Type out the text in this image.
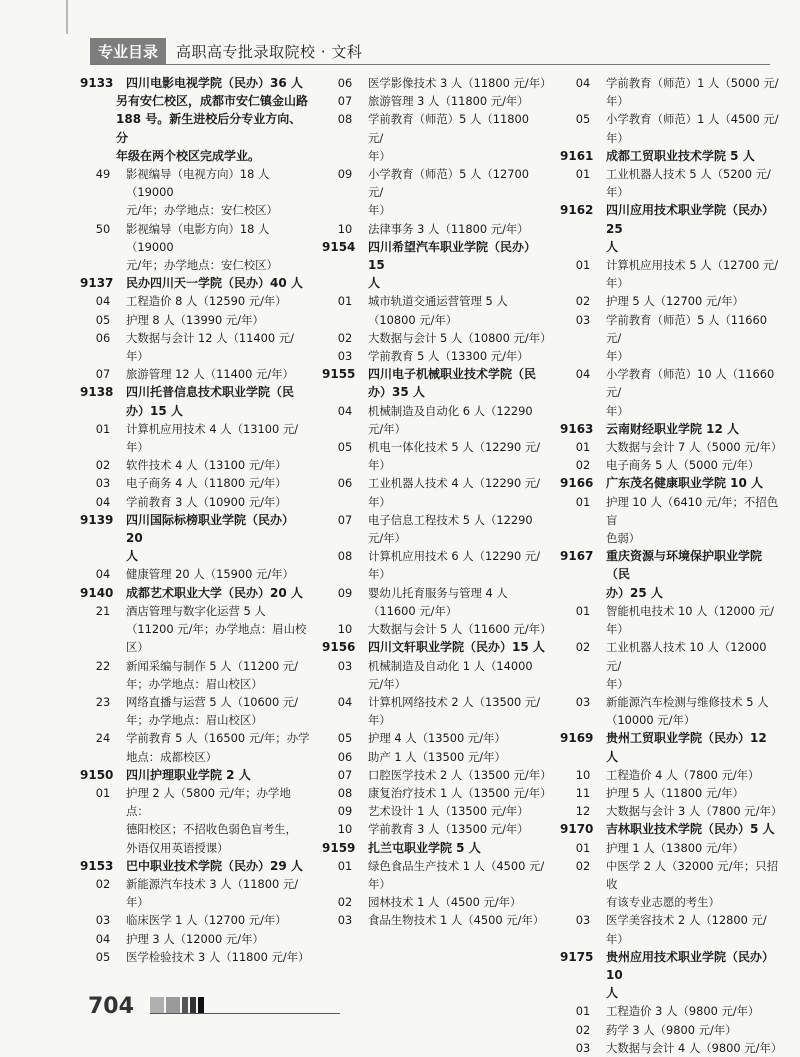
专业目录	高职高专批录取院校 · 文科
9133	四川电影电视学院（民办）36 人
另有安仁校区，成都市安仁镇金山路
188 号。新生进校后分专业方向、分
年级在两个校区完成学业。
49	影视编导（电视方向）18 人（19000
元/年；办学地点：安仁校区）
50	影视编导（电影方向）18 人（19000
元/年；办学地点：安仁校区）
9137	民办四川天一学院（民办）40 人
04	工程造价 8 人（12590 元/年）
05	护理 8 人（13990 元/年）
06	大数据与会计 12 人（11400 元/
年）
07	旅游管理 12 人（11400 元/年）
9138	四川托普信息技术职业学院（民
办）15 人
01	计算机应用技术 4 人（13100 元/
年）
02	软件技术 4 人（13100 元/年）
03	电子商务 4 人（11800 元/年）
04	学前教育 3 人（10900 元/年）
9139	四川国际标榜职业学院（民办）20
人
04	健康管理 20 人（15900 元/年）
9140	成都艺术职业大学（民办）20 人
21	酒店管理与数字化运营 5 人
（11200 元/年；办学地点：眉山校
区）
22	新闻采编与制作 5 人（11200 元/
年；办学地点：眉山校区）
23	网络直播与运营 5 人（10600 元/
年；办学地点：眉山校区）
24	学前教育 5 人（16500 元/年；办学
地点：成都校区）
9150	四川护理职业学院 2 人
01	护理 2 人（5800 元/年；办学地点：
德阳校区；不招收色弱色盲考生，
外语仅用英语授课）
9153	巴中职业技术学院（民办）29 人
02	新能源汽车技术 3 人（11800 元/
年）
03	临床医学 1 人（12700 元/年）
04	护理 3 人（12000 元/年）
05	医学检验技术 3 人（11800 元/年）
06	医学影像技术 3 人（11800 元/年）
07	旅游管理 3 人（11800 元/年）
08	学前教育（师范）5 人（11800 元/
年）
09	小学教育（师范）5 人（12700 元/
年）
10	法律事务 3 人（11800 元/年）
9154	四川希望汽车职业学院（民办）15
人
01	城市轨道交通运营管理 5 人
（10800 元/年）
02	大数据与会计 5 人（10800 元/年）
03	学前教育 5 人（13300 元/年）
9155	四川电子机械职业技术学院（民
办）35 人
04	机械制造及自动化 6 人（12290
元/年）
05	机电一体化技术 5 人（12290 元/
年）
06	工业机器人技术 4 人（12290 元/
年）
07	电子信息工程技术 5 人（12290
元/年）
08	计算机应用技术 6 人（12290 元/
年）
09	婴幼儿托育服务与管理 4 人
（11600 元/年）
10	大数据与会计 5 人（11600 元/年）
9156	四川文轩职业学院（民办）15 人
03	机械制造及自动化 1 人（14000
元/年）
04	计算机网络技术 2 人（13500 元/
年）
05	护理 4 人（13500 元/年）
06	助产 1 人（13500 元/年）
07	口腔医学技术 2 人（13500 元/年）
08	康复治疗技术 1 人（13500 元/年）
09	艺术设计 1 人（13500 元/年）
10	学前教育 3 人（13500 元/年）
9159	扎兰屯职业学院 5 人
01	绿色食品生产技术 1 人（4500 元/
年）
02	园林技术 1 人（4500 元/年）
03	食品生物技术 1 人（4500 元/年）
04	学前教育（师范）1 人（5000 元/
年）
05	小学教育（师范）1 人（4500 元/
年）
9161	成都工贸职业技术学院 5 人
01	工业机器人技术 5 人（5200 元/
年）
9162	四川应用技术职业学院（民办）25
人
01	计算机应用技术 5 人（12700 元/
年）
02	护理 5 人（12700 元/年）
03	学前教育（师范）5 人（11660 元/
年）
04	小学教育（师范）10 人（11660 元/
年）
9163	云南财经职业学院 12 人
01	大数据与会计 7 人（5000 元/年）
02	电子商务 5 人（5000 元/年）
9166	广东茂名健康职业学院 10 人
01	护理 10 人（6410 元/年；不招色盲
色弱）
9167	重庆资源与环境保护职业学院（民
办）25 人
01	智能机电技术 10 人（12000 元/
年）
02	工业机器人技术 10 人（12000 元/
年）
03	新能源汽车检测与维修技术 5 人
（10000 元/年）
9169	贵州工贸职业学院（民办）12 人
10	工程造价 4 人（7800 元/年）
11	护理 5 人（11800 元/年）
12	大数据与会计 3 人（7800 元/年）
9170	吉林职业技术学院（民办）5 人
01	护理 1 人（13800 元/年）
02	中医学 2 人（32000 元/年；只招收
有该专业志愿的考生）
03	医学美容技术 2 人（12800 元/年）
9175	贵州应用技术职业学院（民办）10
人
01	工程造价 3 人（9800 元/年）
02	药学 3 人（9800 元/年）
03	大数据与会计 4 人（9800 元/年）
704
